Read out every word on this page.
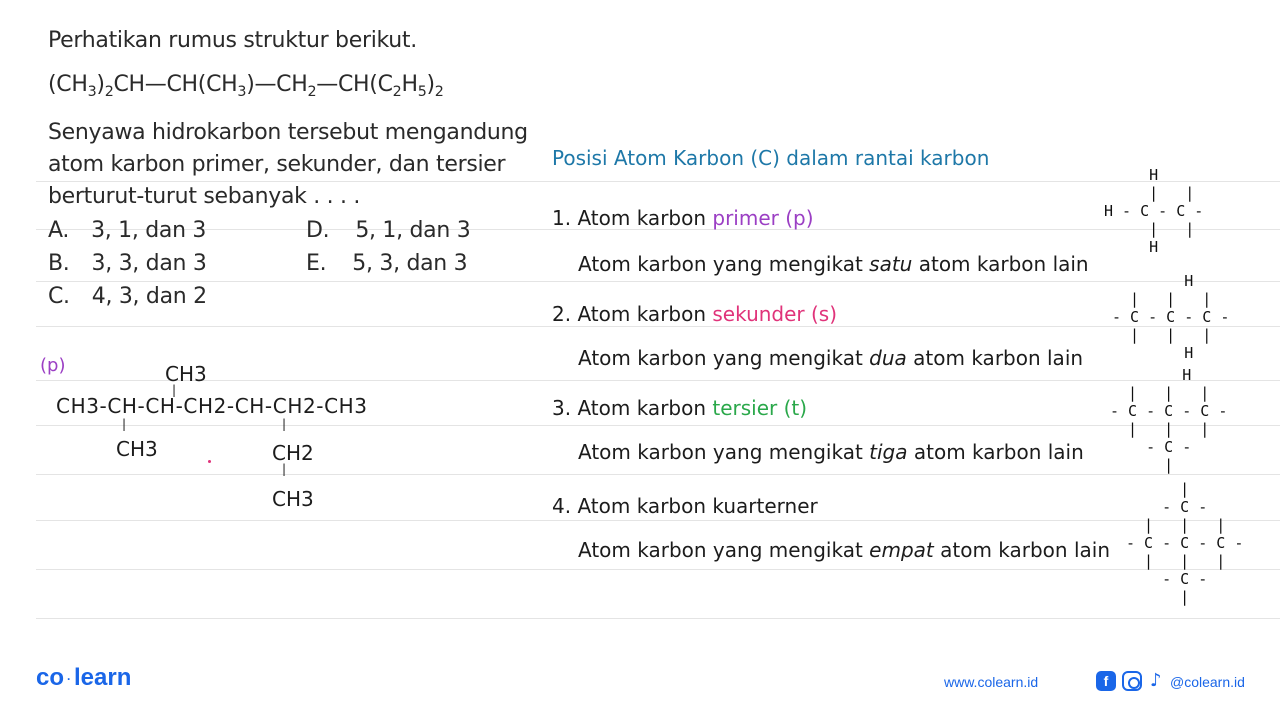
Perhatikan rumus struktur berikut.
$(CH_3)_2CH—CH(CH_3)—CH_2—CH(C_2H_5)_2$
Senyawa hidrokarbon tersebut mengandung
atom karbon primer, sekunder, dan tersier
berturut-turut sebanyak . . . .
A. 3, 1, dan 3
B. 3, 3, dan 3
C. 4, 3, dan 2
D. 5, 1, dan 3
E. 5, 3, dan 3
(p)	CH3
|
CH3-CH-CH-CH2-CH-CH2-CH3
|	|
CH3	CH2
|
CH3
Posisi Atom Karbon (C) dalam rantai karbon
1. Atom karbon primer (p)
Atom karbon yang mengikat satu atom karbon lain
2. Atom karbon sekunder (s)
Atom karbon yang mengikat dua atom karbon lain
3. Atom karbon tersier (t)
Atom karbon yang mengikat tiga atom karbon lain
4. Atom karbon kuarterner
Atom karbon yang mengikat empat atom karbon lain
H
|   |
H - C - C -
|   |
H
H
|   |   |
- C - C - C -
|   |   |
H
H
|   |   |
- C - C - C -
|   |   |
- C -
|
|
- C -
|   |   |
- C - C - C -
|   |   |
- C -
|
co · learn	www.colearn.id	f	♪ @colearn.id
